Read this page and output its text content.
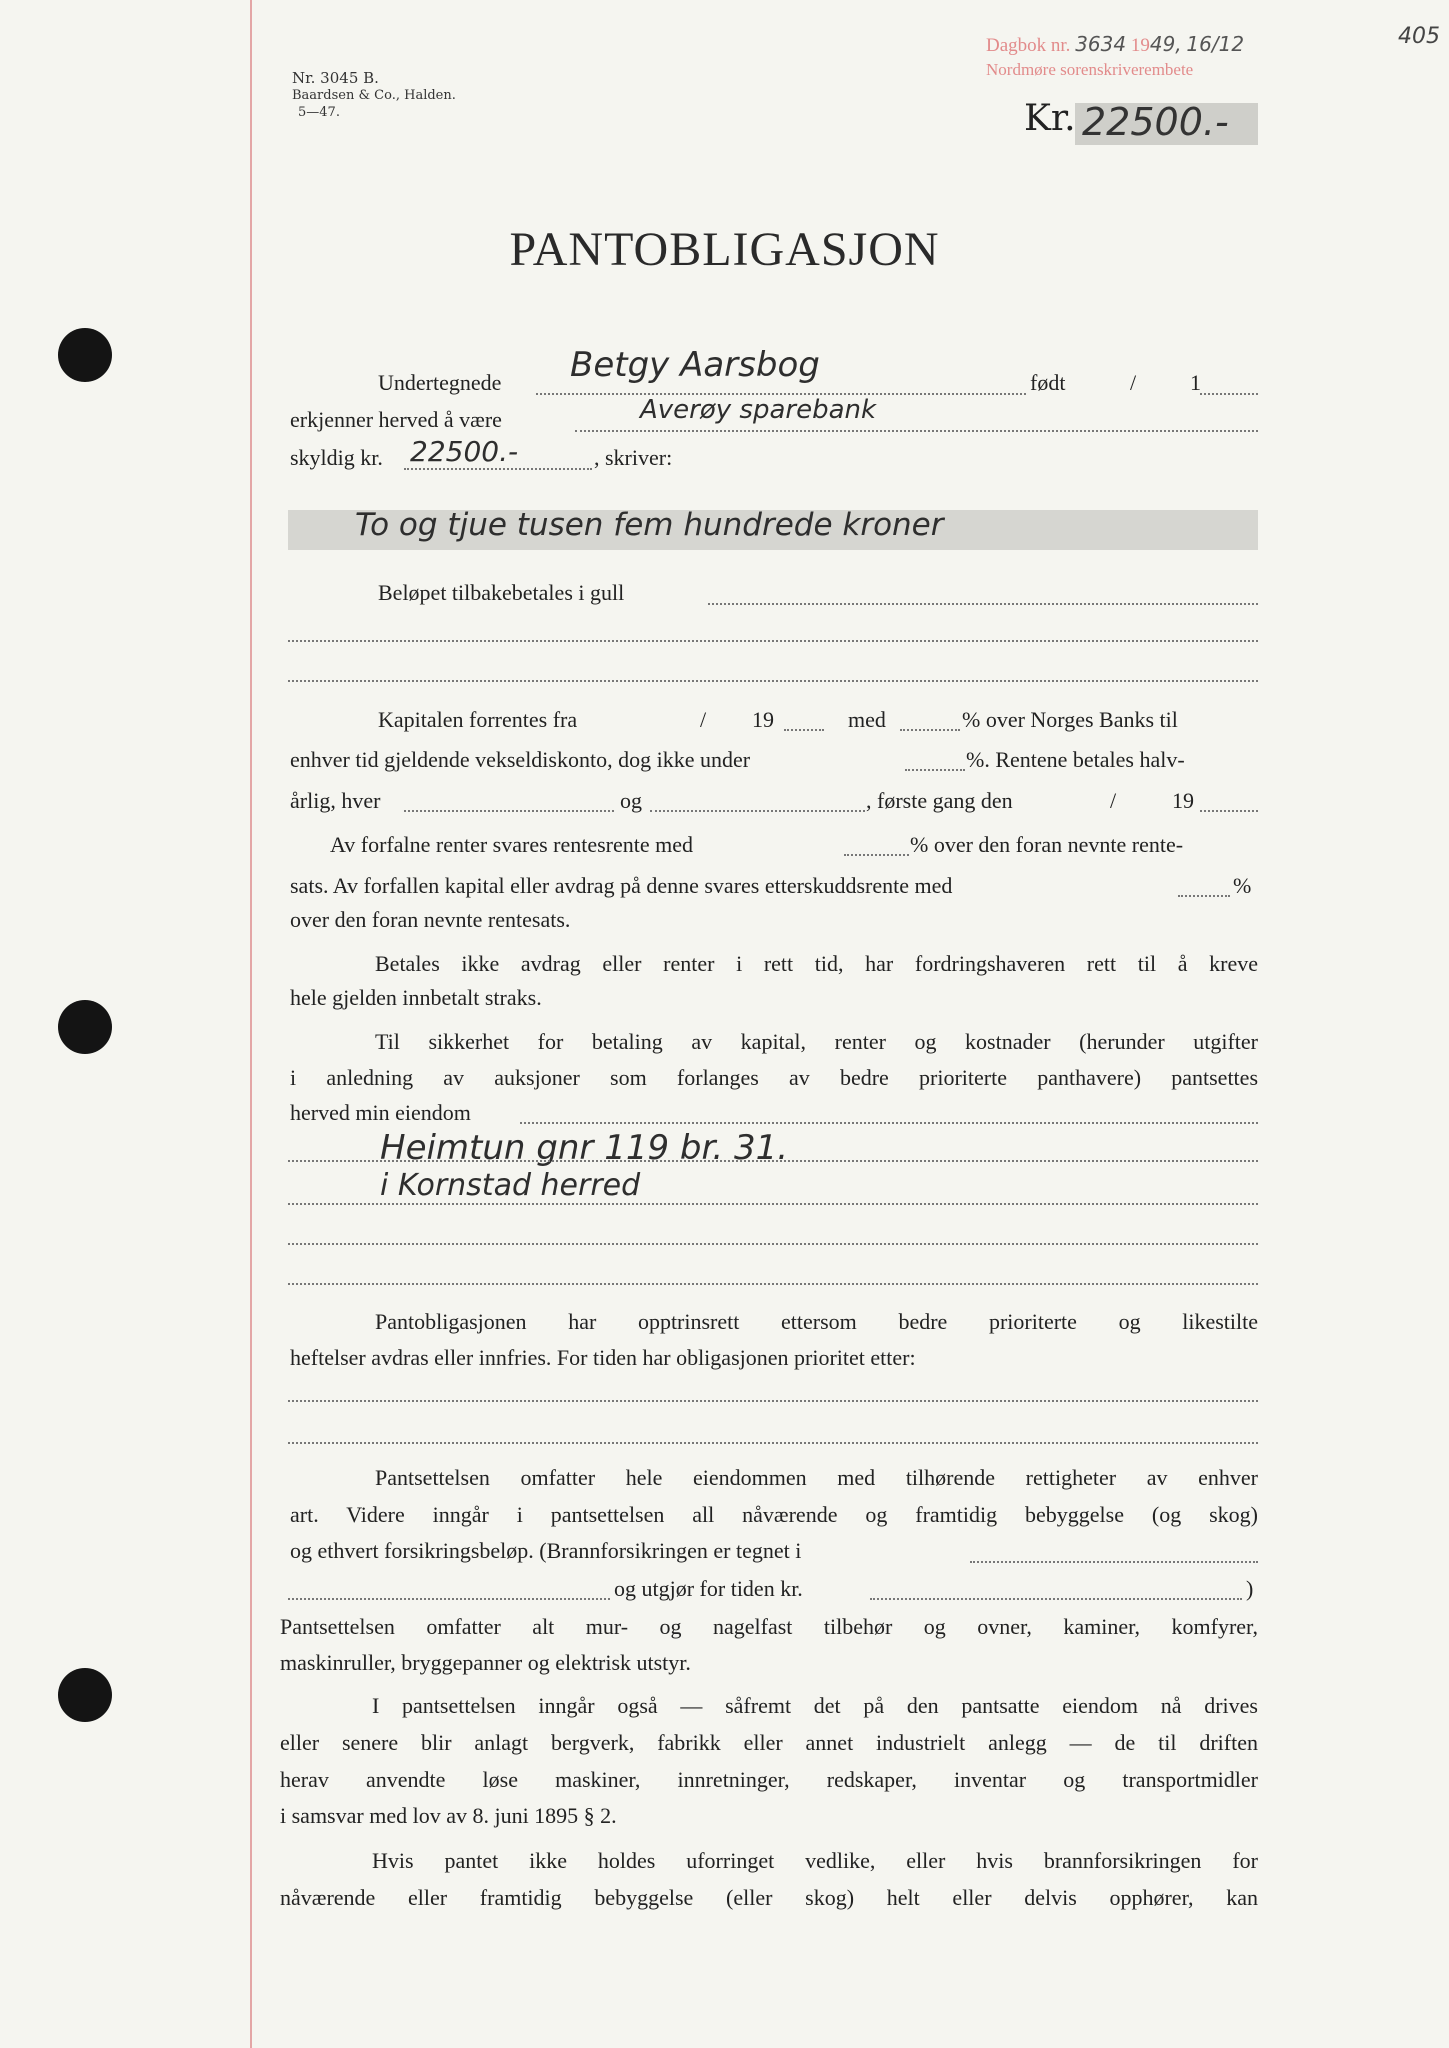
Nr. 3045 B.
Baardsen & Co., Halden.
5—47.
Dagbok nr. 3634 1949, 16/12
Nordmøre sorenskriverembete
405
Kr. 22500.-
PANTOBLIGASJON
Undertegnede Betgy Aarsbog	født	/ 1
erkjenner herved å være	Averøy sparebank
skyldig kr. 22500.-	, skriver:
To og tjue tusen fem hundrede kroner
Beløpet tilbakebetales i gull
Kapitalen forrentes fra	/ 19	med	% over Norges Banks til
enhver tid gjeldende vekseldiskonto, dog ikke under	%. Rentene betales halv-
årlig, hver	og	, første gang den	/	19
Av forfalne renter svares rentesrente med	% over den foran nevnte rente-
sats. Av forfallen kapital eller avdrag på denne svares etterskuddsrente med	%
over den foran nevnte rentesats.
Betales ikke avdrag eller renter i rett tid, har fordringshaveren rett til å kreve
hele gjelden innbetalt straks.
Til sikkerhet for betaling av kapital, renter og kostnader (herunder utgifter
i anledning av auksjoner som forlanges av bedre prioriterte panthavere) pantsettes
herved min eiendom
Heimtun gnr 119 br. 31.
i Kornstad herred
Pantobligasjonen har opptrinsrett ettersom bedre prioriterte og likestilte
heftelser avdras eller innfries. For tiden har obligasjonen prioritet etter:
Pantsettelsen omfatter hele eiendommen med tilhørende rettigheter av enhver
art. Videre inngår i pantsettelsen all nåværende og framtidig bebyggelse (og skog)
og ethvert forsikringsbeløp. (Brannforsikringen er tegnet i
og utgjør for tiden kr.	)
Pantsettelsen omfatter alt mur- og nagelfast tilbehør og ovner, kaminer, komfyrer,
maskinruller, bryggepanner og elektrisk utstyr.
I pantsettelsen inngår også — såfremt det på den pantsatte eiendom nå drives
eller senere blir anlagt bergverk, fabrikk eller annet industrielt anlegg — de til driften
herav anvendte løse maskiner, innretninger, redskaper, inventar og transportmidler
i samsvar med lov av 8. juni 1895 § 2.
Hvis pantet ikke holdes uforringet vedlike, eller hvis brannforsikringen for
nåværende eller framtidig bebyggelse (eller skog) helt eller delvis opphører, kan
